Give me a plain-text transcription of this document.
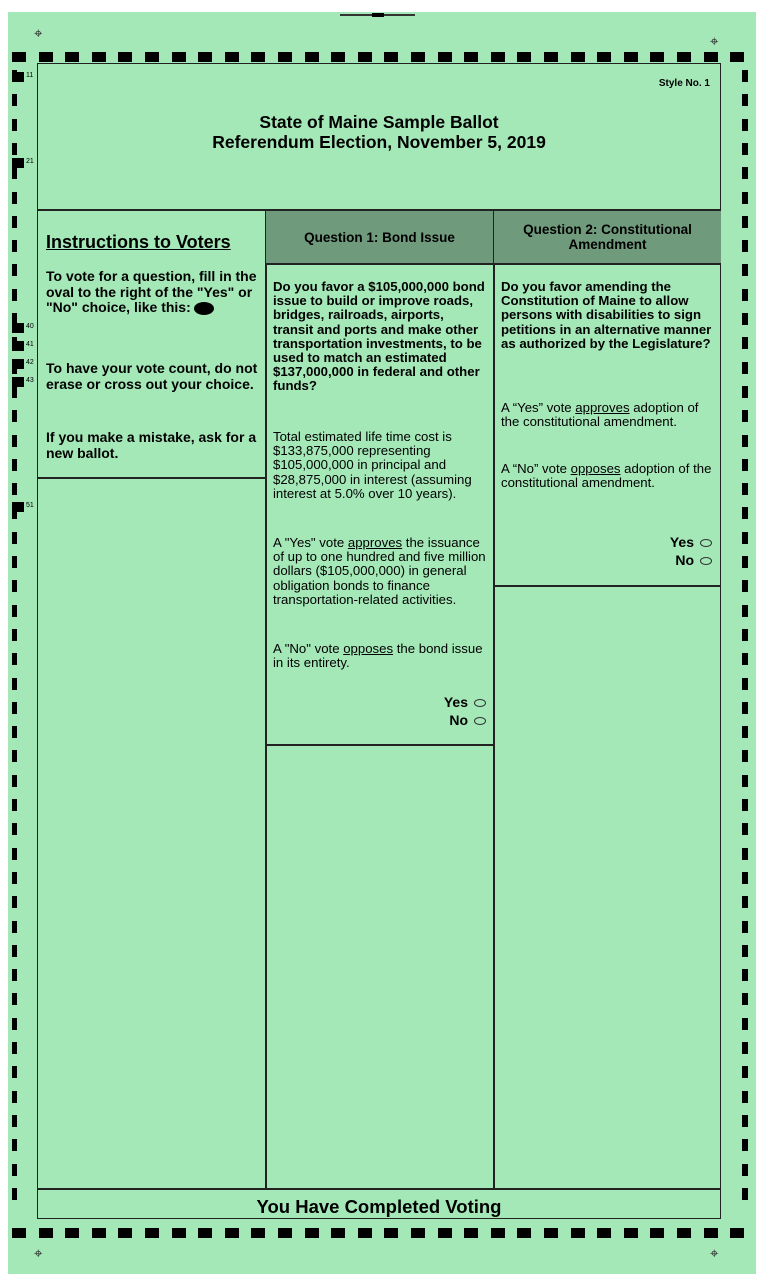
⌖	⌖
⌖	⌖
11
21
40
41
42
43
51
Style No. 1
State of Maine Sample Ballot
Referendum Election, November 5, 2019
Instructions to Voters
To vote for a question, fill in the oval to the right of the "Yes" or "No" choice, like this:
To have your vote count, do not erase or cross out your choice.
If you make a mistake, ask for a new ballot.
Question 1: Bond Issue
Do you favor a $105,000,000 bond issue to build or improve roads, bridges, railroads, airports, transit and ports and make other transportation investments, to be used to match an estimated $137,000,000 in federal and other funds?
Total estimated life time cost is $133,875,000 representing $105,000,000 in principal and $28,875,000 in interest (assuming interest at 5.0% over 10 years).
A "Yes" vote approves the issuance of up to one hundred and five million dollars ($105,000,000) in general obligation bonds to finance transportation-related activities.
A "No" vote opposes the bond issue in its entirety.
Yes
No
Question 2: Constitutional Amendment
Do you favor amending the Constitution of Maine to allow persons with disabilities to sign petitions in an alternative manner as authorized by the Legislature?
A “Yes” vote approves adoption of the constitutional amendment.
A “No” vote opposes adoption of the constitutional amendment.
Yes
No
You Have Completed Voting
